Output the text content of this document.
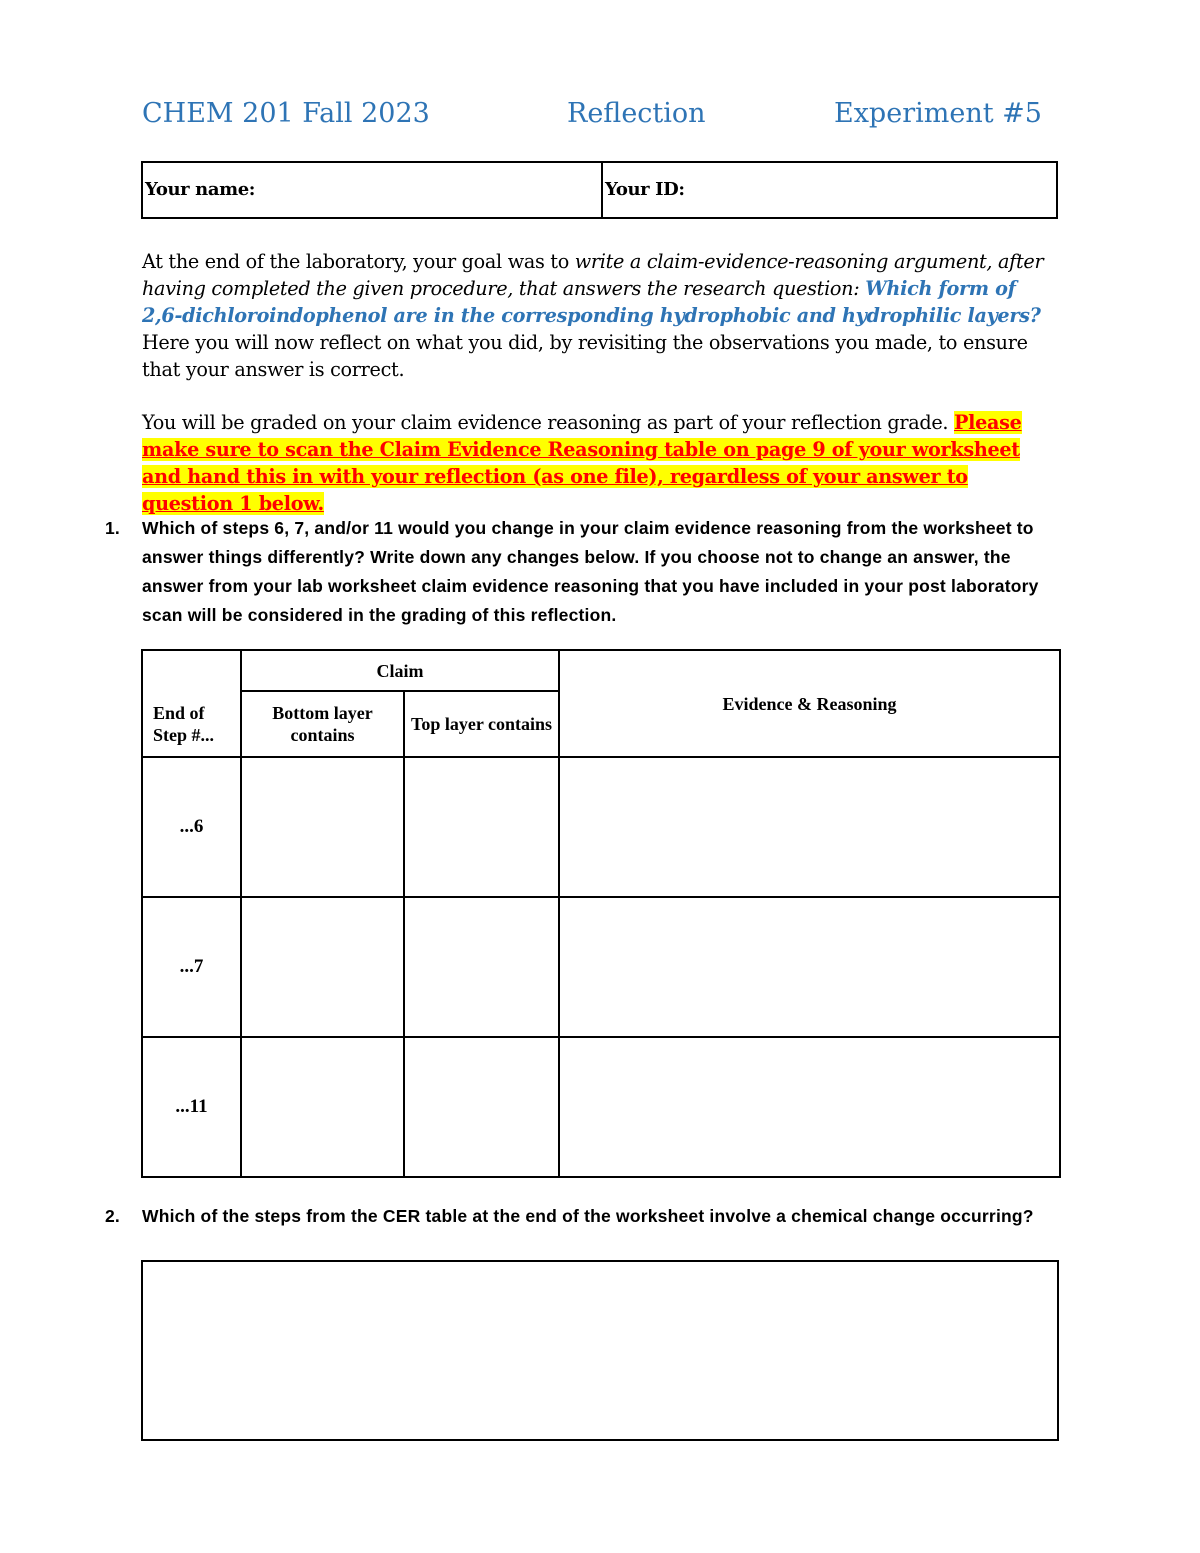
CHEM 201 Fall 2023	Reflection	Experiment #5
Your name:	Your ID:

At the end of the laboratory, your goal was to write a claim-evidence-reasoning argument, after having completed the given procedure, that answers the research question: Which form of 2,6-dichloroindophenol are in the corresponding hydrophobic and hydrophilic layers?

Here you will now reflect on what you did, by revisiting the observations you made, to ensure that your answer is correct.

You will be graded on your claim evidence reasoning as part of your reflection grade. Please make sure to scan the Claim Evidence Reasoning table on page 9 of your worksheet and hand this in with your reflection (as one file), regardless of your answer to question 1 below.

1. Which of steps 6, 7, and/or 11 would you change in your claim evidence reasoning from the worksheet to answer things differently? Write down any changes below. If you choose not to change an answer, the answer from your lab worksheet claim evidence reasoning that you have included in your post laboratory scan will be considered in the grading of this reflection.
	Claim		Evidence & Reasoning
End of Step #...	Bottom layer contains	Top layer contains	
...6			
...7			
...11			
2. Which of the steps from the CER table at the end of the worksheet involve a chemical change occurring?
